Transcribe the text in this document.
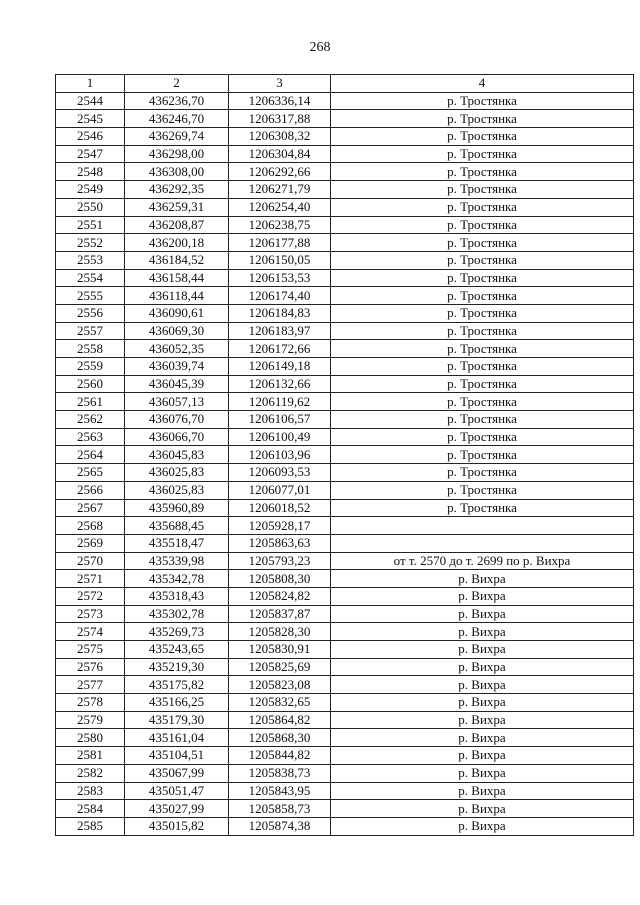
268
1	2	3	4
2544	436236,70	1206336,14	р. Тростянка
2545	436246,70	1206317,88	р. Тростянка
2546	436269,74	1206308,32	р. Тростянка
2547	436298,00	1206304,84	р. Тростянка
2548	436308,00	1206292,66	р. Тростянка
2549	436292,35	1206271,79	р. Тростянка
2550	436259,31	1206254,40	р. Тростянка
2551	436208,87	1206238,75	р. Тростянка
2552	436200,18	1206177,88	р. Тростянка
2553	436184,52	1206150,05	р. Тростянка
2554	436158,44	1206153,53	р. Тростянка
2555	436118,44	1206174,40	р. Тростянка
2556	436090,61	1206184,83	р. Тростянка
2557	436069,30	1206183,97	р. Тростянка
2558	436052,35	1206172,66	р. Тростянка
2559	436039,74	1206149,18	р. Тростянка
2560	436045,39	1206132,66	р. Тростянка
2561	436057,13	1206119,62	р. Тростянка
2562	436076,70	1206106,57	р. Тростянка
2563	436066,70	1206100,49	р. Тростянка
2564	436045,83	1206103,96	р. Тростянка
2565	436025,83	1206093,53	р. Тростянка
2566	436025,83	1206077,01	р. Тростянка
2567	435960,89	1206018,52	р. Тростянка
2568	435688,45	1205928,17	
2569	435518,47	1205863,63	
2570	435339,98	1205793,23	от т. 2570 до т. 2699 по р. Вихра
2571	435342,78	1205808,30	р. Вихра
2572	435318,43	1205824,82	р. Вихра
2573	435302,78	1205837,87	р. Вихра
2574	435269,73	1205828,30	р. Вихра
2575	435243,65	1205830,91	р. Вихра
2576	435219,30	1205825,69	р. Вихра
2577	435175,82	1205823,08	р. Вихра
2578	435166,25	1205832,65	р. Вихра
2579	435179,30	1205864,82	р. Вихра
2580	435161,04	1205868,30	р. Вихра
2581	435104,51	1205844,82	р. Вихра
2582	435067,99	1205838,73	р. Вихра
2583	435051,47	1205843,95	р. Вихра
2584	435027,99	1205858,73	р. Вихра
2585	435015,82	1205874,38	р. Вихра
